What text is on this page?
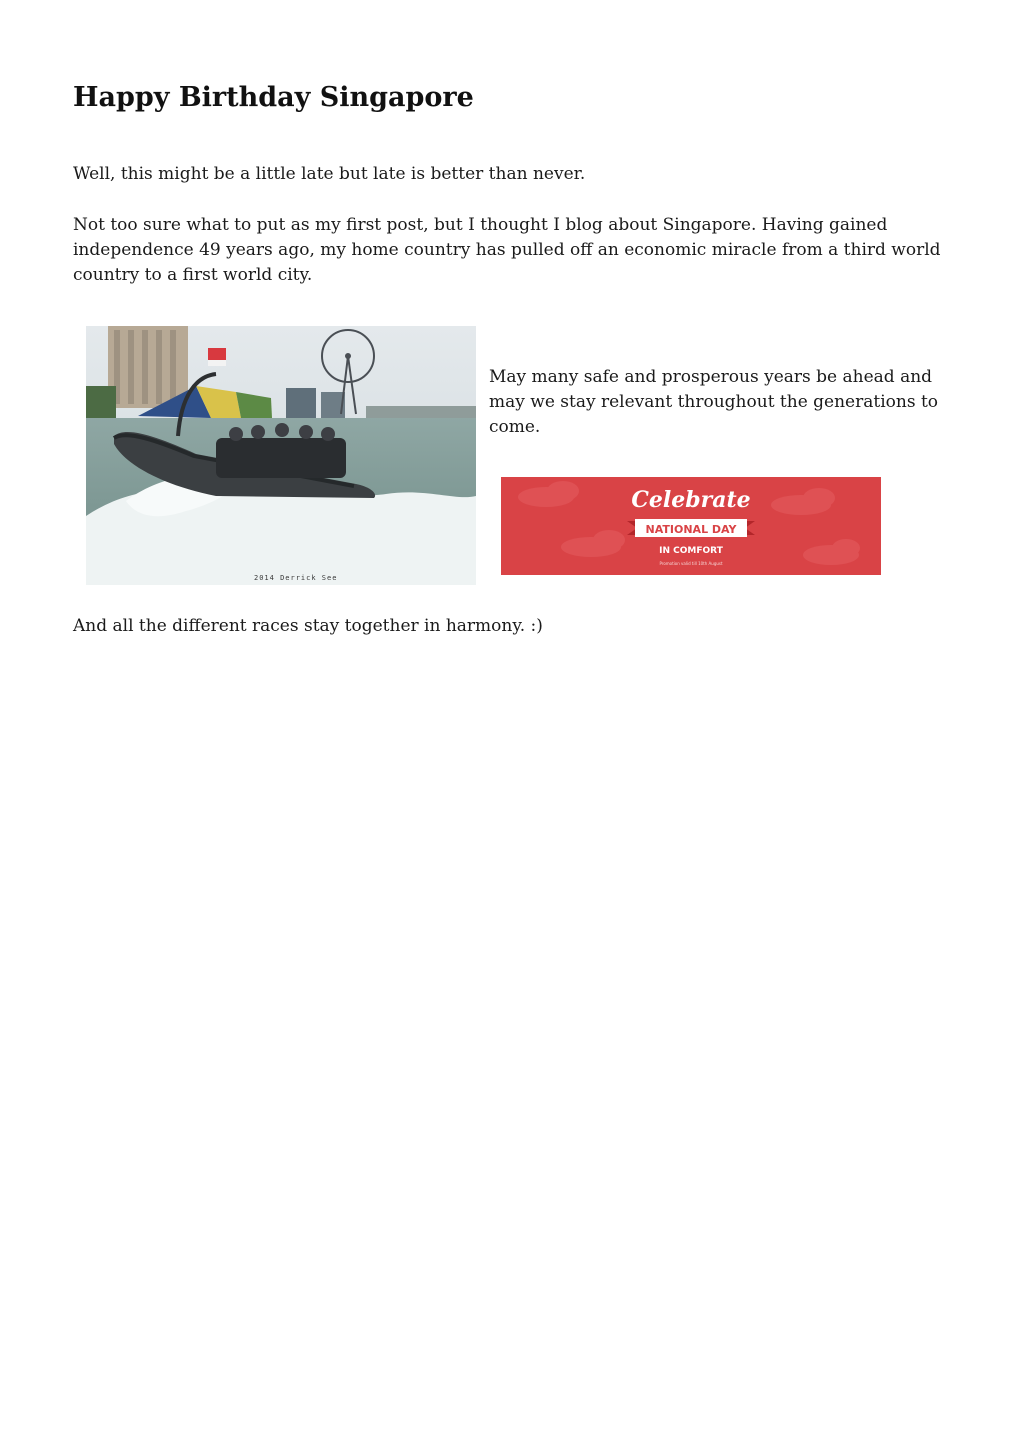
Happy Birthday Singapore

Well, this might be a little late but late is better than never.

Not too sure what to put as my first post, but I thought I blog about Singapore. Having gained independence 49 years ago, my home country has pulled off an economic miracle from a third world country to a first world city.

2014 Derrick See

May many safe and prosperous years be ahead and may we stay relevant throughout the generations to come.

Celebrate
NATIONAL DAY
IN COMFORT
Promotion valid till 10th August

And all the different races stay together in harmony. :)
